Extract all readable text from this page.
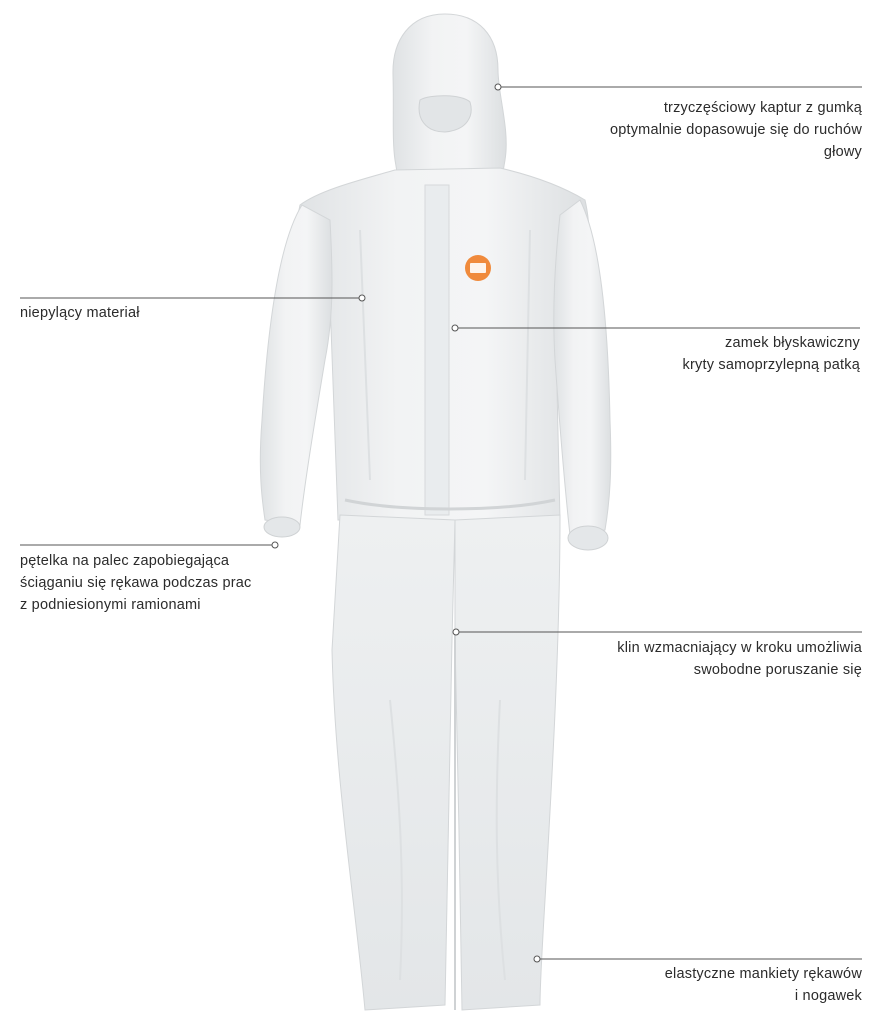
trzyczęściowy kaptur z gumką
optymalnie dopasowuje się do ruchów
głowy

niepylący materiał

zamek błyskawiczny
kryty samoprzylepną patką

pętelka na palec zapobiegająca
ściąganiu się rękawa podczas prac
z podniesionymi ramionami

klin wzmacniający w kroku umożliwia
swobodne poruszanie się

elastyczne mankiety rękawów
i nogawek
